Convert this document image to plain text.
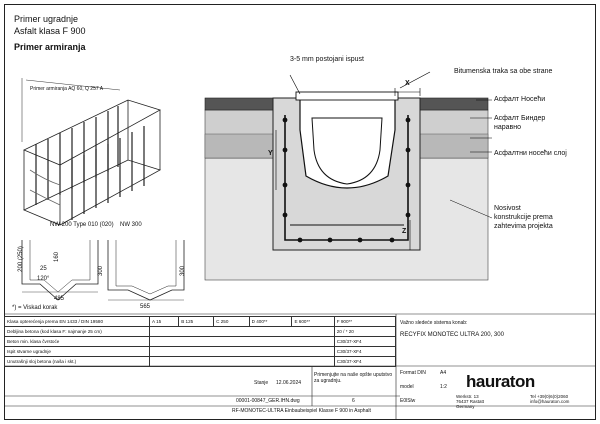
Primer ugradnje
Asfalt klasa F 900
Primer armiranja
Primer armiranja AQ 60, Q 257 A
NW 200 Type 010 (020) NW 300
200 (250)	160
25
120°
485
300	300
565
*) = Viskad korak
3-5 mm postojani ispust
X
Y
Z
Bitumenska traka sa obe strane
Асфалт Носећи
Асфалт Биндер
наравно
Асфалтни носећи слој
Nosivost
konstrukcije prema
zahtevima projekta
Klasa opterećenja prema EN 1433 / DIN 19580	A 15	B 125	C 250	D 400**	E 600**	F 900**
Debljina betona (kod klasa F: najmanje 25 cm)						20 / * 20
Beton min. klasa čvrstoće						C30/37-XF4
Ispit stvarne ugradnje						C30/37-XF4
Unutrašnji sloj betona (naša i skt.)						C30/37-XF4
Važno sledeće sistema konab:
RECYFIX MONOTEC ULTRA 200, 300
Primenjujte na naše opšte uputstvo za ugradnju.
Stanje 12.06.2024
Format DIN	A4
model	1:2
00001-00847_GER.IHN.dwg	6	E0lSlw
RF-MONOTEC-ULTRA Einbaubeispiel Klasse F 900 in Asphalt
hauraton
Werkstr. 13
76437 Rastatt
Germany
Tel +39(0)6(0)2060
info@hauraton.com
